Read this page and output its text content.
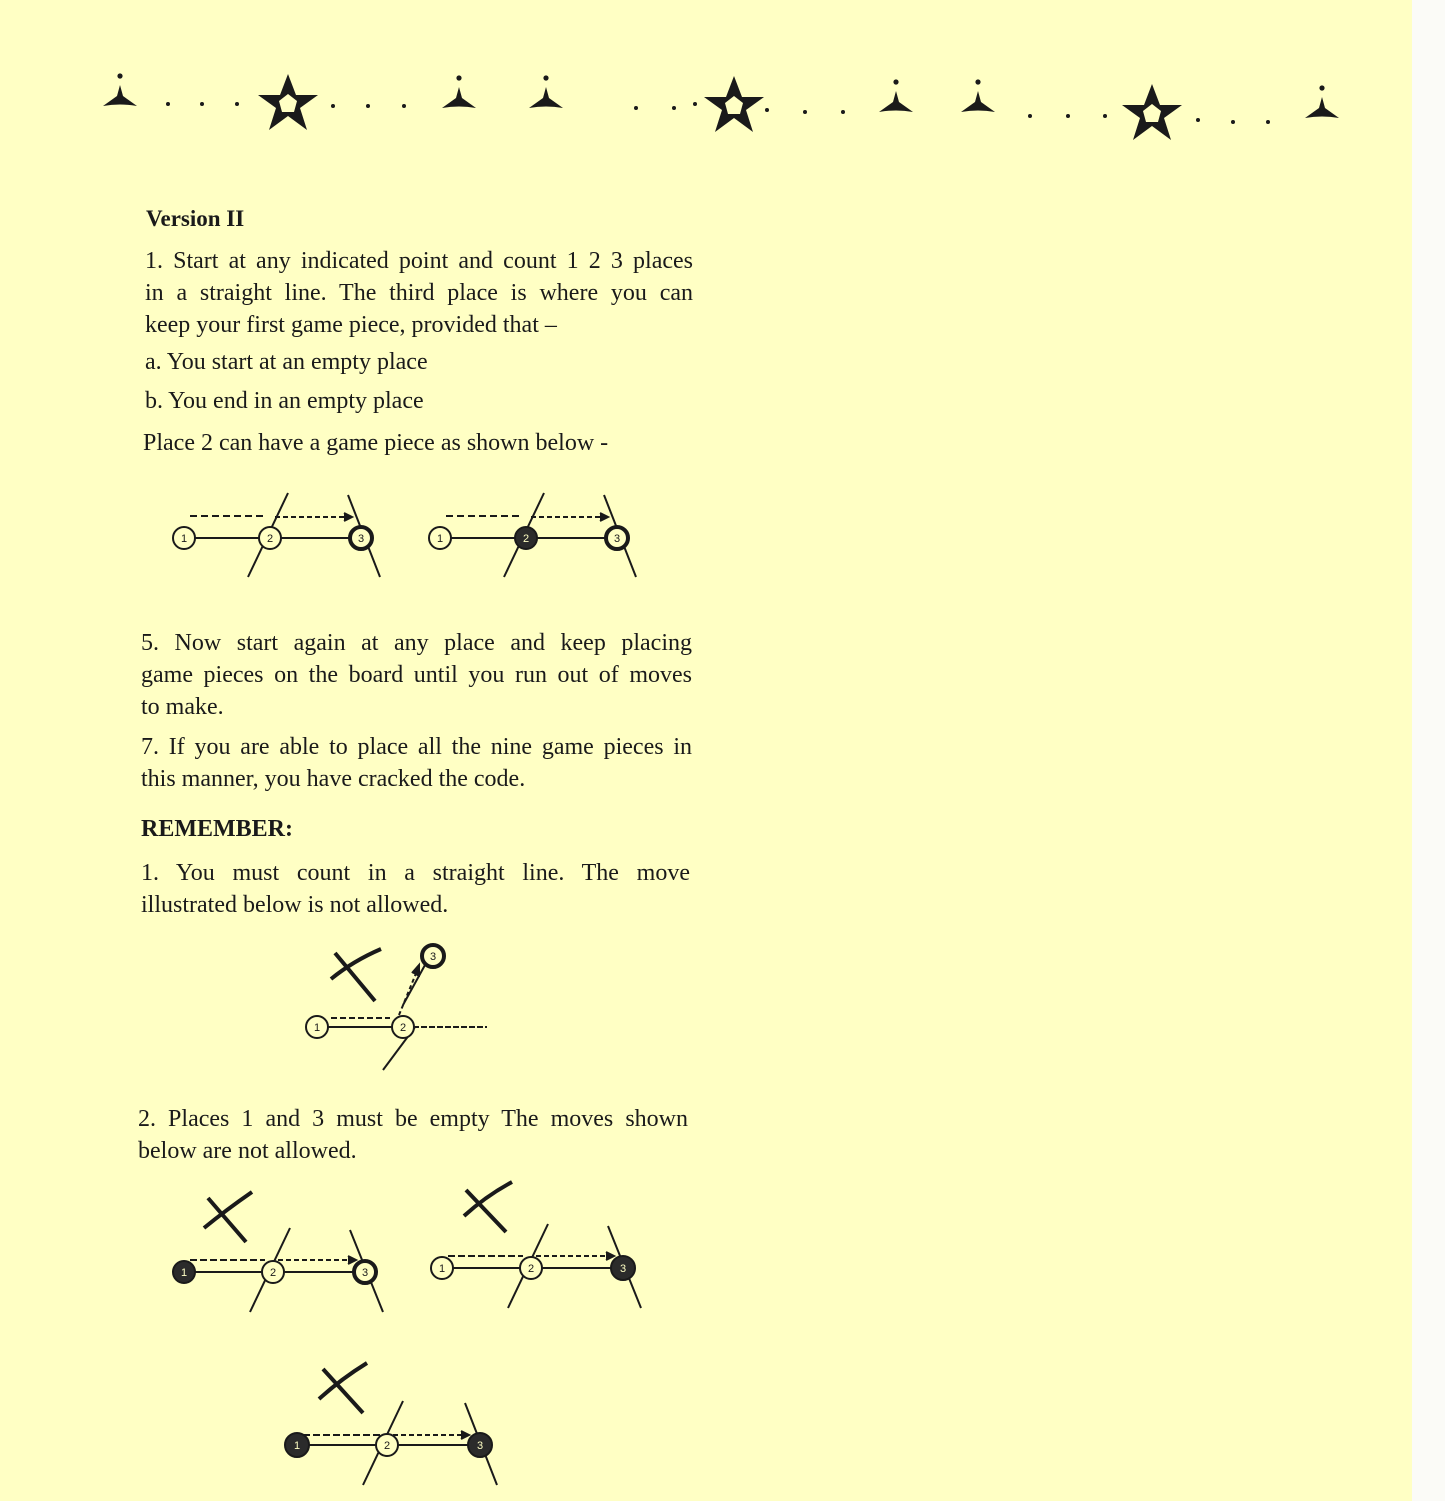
Version II
1. Start at any indicated point and count 1 2 3 places
in a straight line. The third place is where you can
keep your first game piece, provided that –
a. You start at an empty place
b. You end in an empty place
Place 2 can have a game piece as shown below -
1	2	3	1	2	3
5. Now start again at any place and keep placing
game pieces on the board until you run out of moves
to make.
7. If you are able to place all the nine game pieces in
this manner, you have cracked the code.
REMEMBER:
1. You must count in a straight line. The move
illustrated below is not allowed.
1	2
3
2. Places 1 and 3 must be empty The moves shown
below are not allowed.
1	2	3	1	2	3
1	2	3
